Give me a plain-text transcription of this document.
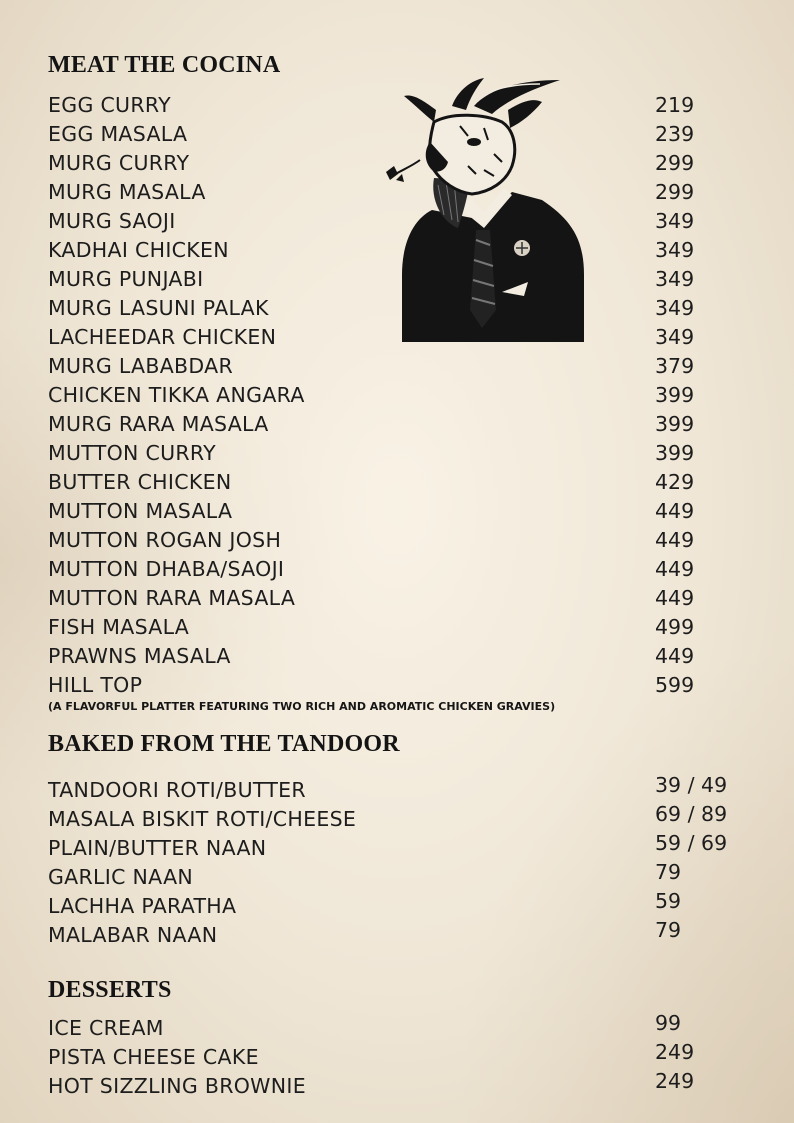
MEAT THE COCINA
EGG CURRY	219
EGG MASALA	239
MURG CURRY	299
MURG MASALA	299
MURG SAOJI	349
KADHAI CHICKEN	349
MURG PUNJABI	349
MURG LASUNI PALAK	349
LACHEEDAR CHICKEN	349
MURG LABABDAR	379
CHICKEN TIKKA ANGARA	399
MURG RARA MASALA	399
MUTTON CURRY	399
BUTTER CHICKEN	429
MUTTON MASALA	449
MUTTON ROGAN JOSH	449
MUTTON DHABA/SAOJI	449
MUTTON RARA MASALA	449
FISH MASALA	499
PRAWNS MASALA	449
HILL TOP	599
(A FLAVORFUL PLATTER FEATURING TWO RICH AND AROMATIC CHICKEN GRAVIES)
BAKED FROM THE TANDOOR
TANDOORI ROTI/BUTTER	39 / 49
MASALA BISKIT ROTI/CHEESE	69 / 89
PLAIN/BUTTER NAAN	59 / 69
GARLIC NAAN	79
LACHHA PARATHA	59
MALABAR NAAN	79
DESSERTS
ICE CREAM	99
PISTA CHEESE CAKE	249
HOT SIZZLING BROWNIE	249
